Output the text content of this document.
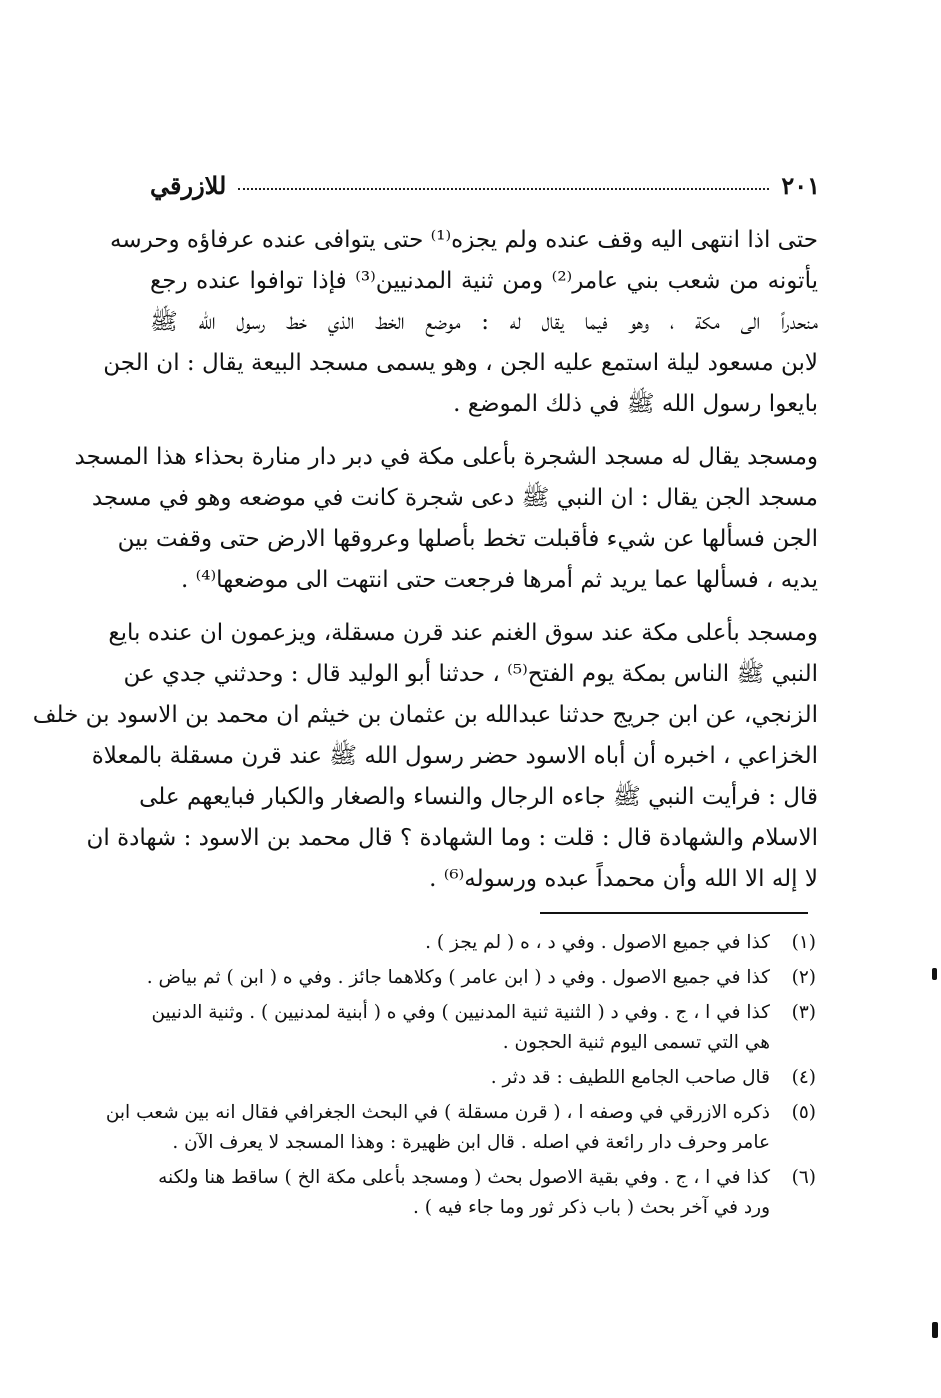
للازرقي	٢٠١

حتى اذا انتهى اليه وقف عنده ولم يجزه⁽¹⁾ حتى يتوافى عنده عرفاؤه وحرسه
يأتونه من شعب بني عامر⁽²⁾ ومن ثنية المدنيين⁽³⁾ فإذا توافوا عنده رجع
منحدراً الى مكة ، وهو فيما يقال له : موضع الخط الذي خط رسول الله ﷺ
لابن مسعود ليلة استمع عليه الجن ، وهو يسمى مسجد البيعة يقال : ان الجن
بايعوا رسول الله ﷺ في ذلك الموضع .

ومسجد يقال له مسجد الشجرة بأعلى مكة في دبر دار منارة بحذاء هذا المسجد
مسجد الجن يقال : ان النبي ﷺ دعى شجرة كانت في موضعه وهو في مسجد
الجن فسألها عن شيء فأقبلت تخط بأصلها وعروقها الارض حتى وقفت بين
يديه ، فسألها عما يريد ثم أمرها فرجعت حتى انتهت الى موضعها⁽⁴⁾ .

ومسجد بأعلى مكة عند سوق الغنم عند قرن مسقلة، ويزعمون ان عنده بايع
النبي ﷺ الناس بمكة يوم الفتح⁽⁵⁾ ، حدثنا أبو الوليد قال : وحدثني جدي عن
الزنجي، عن ابن جريج حدثنا عبدالله بن عثمان بن خيثم ان محمد بن الاسود بن خلف
الخزاعي ، اخبره أن أباه الاسود حضر رسول الله ﷺ عند قرن مسقلة بالمعلاة
قال : فرأيت النبي ﷺ جاءه الرجال والنساء والصغار والكبار فبايعهم على
الاسلام والشهادة قال : قلت : وما الشهادة ؟ قال محمد بن الاسود : شهادة ان
لا إله الا الله وأن محمداً عبده ورسوله⁽⁶⁾ .

(١)
كذا في جميع الاصول . وفي د ، ه ( لم يجز ) .
(٢)
كذا في جميع الاصول . وفي د ( ابن عامر ) وكلاهما جائز . وفي ه ( ابن ) ثم بياض .
(٣)
كذا في ا ، ج . وفي د ( الثنية ثنية المدنيين ) وفي ه ( أبنية لمدنيين ) . وثنية الدنيين
هي التي تسمى اليوم ثنية الحجون .
(٤)
قال صاحب الجامع اللطيف : قد دثر .
(٥)
ذكره الازرقي في وصفه ا ، ( قرن مسقلة ) في البحث الجغرافي فقال انه بين شعب ابن
عامر وحرف دار رائعة في اصله . قال ابن ظهيرة : وهذا المسجد لا يعرف الآن .
(٦)
كذا في ا ، ج . وفي بقية الاصول بحث ( ومسجد بأعلى مكة الخ ) ساقط هنا ولكنه
ورد في آخر بحث ( باب ذكر ثور وما جاء فيه ) .
